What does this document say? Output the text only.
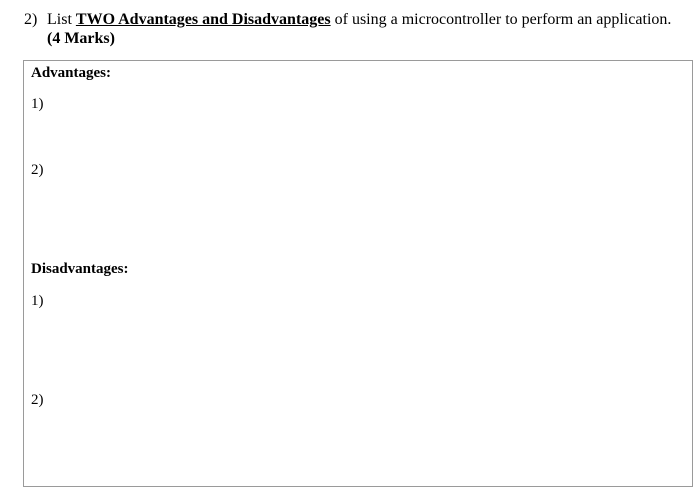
2) List TWO Advantages and Disadvantages of using a microcontroller to perform an application.
(4 Marks)
Advantages:
1)
2)
Disadvantages:
1)
2)
